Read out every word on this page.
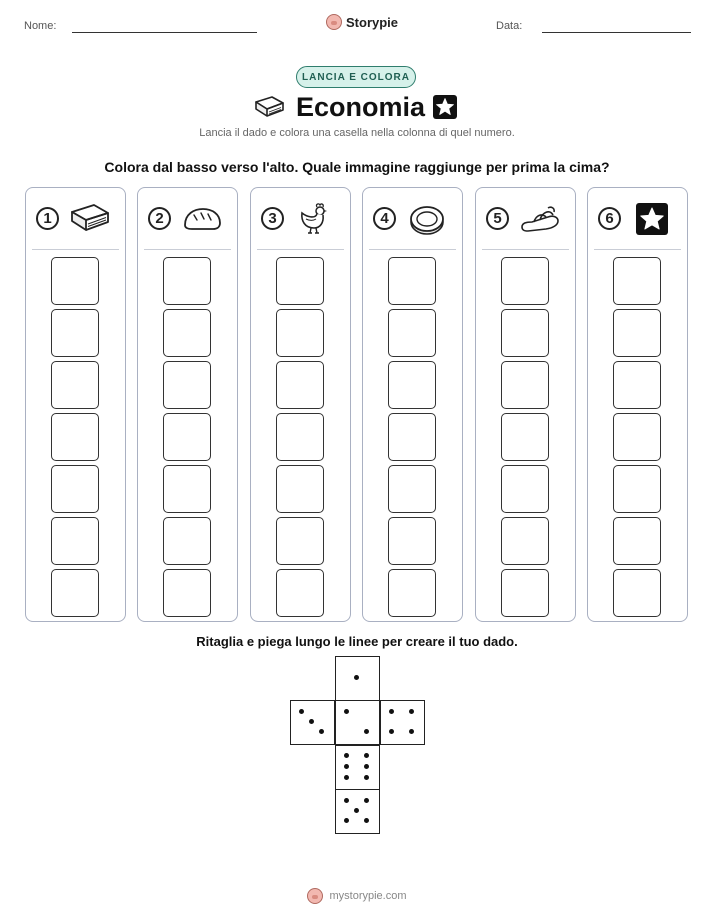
Nome:	Storypie	Data:
LANCIA E COLORA
Economia
Lancia il dado e colora una casella nella colonna di quel numero.
Colora dal basso verso l'alto. Quale immagine raggiunge per prima la cima?
1	2	3	4	5	6
Ritaglia e piega lungo le linee per creare il tuo dado.
mystorypie.com
